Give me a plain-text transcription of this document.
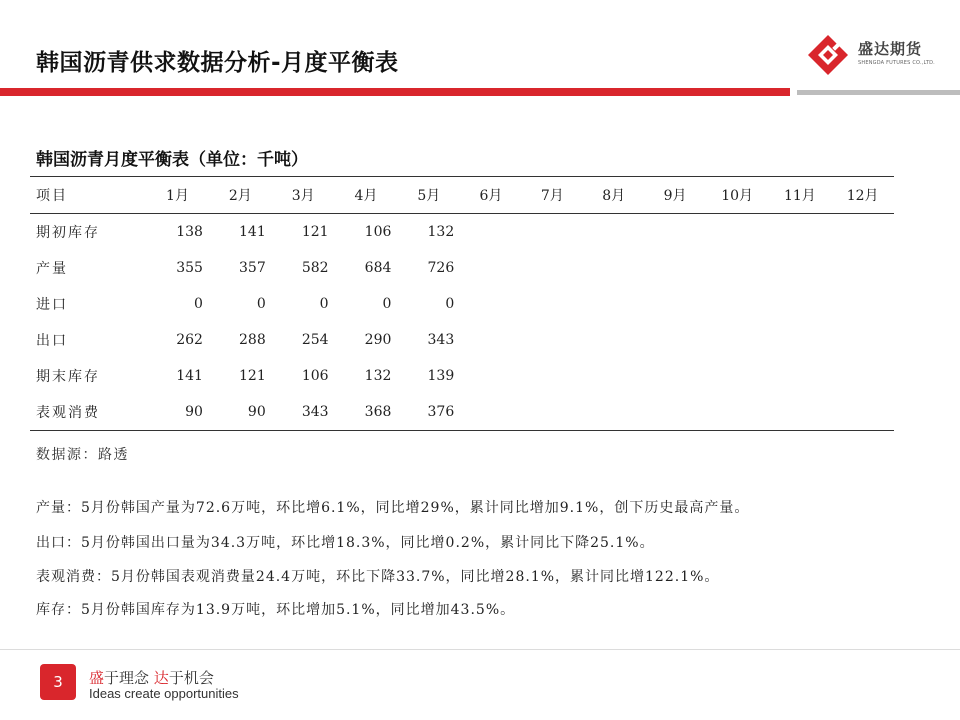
韩国沥青供求数据分析-月度平衡表
盛达期货
SHENGDA FUTURES CO.,LTD.
韩国沥青月度平衡表（单位：千吨）
项目	1月	2月	3月	4月	5月	6月	7月	8月	9月	10月	11月	12月
期初库存	138	141	121	106	132							
产量	355	357	582	684	726							
进口	0	0	0	0	0							
出口	262	288	254	290	343							
期末库存	141	121	106	132	139							
表观消费	90	90	343	368	376							
数据源：路透
产量：5月份韩国产量为72.6万吨，环比增6.1%，同比增29%，累计同比增加9.1%，创下历史最高产量。
出口：5月份韩国出口量为34.3万吨，环比增18.3%，同比增0.2%，累计同比下降25.1%。
表观消费：5月份韩国表观消费量24.4万吨，环比下降33.7%，同比增28.1%，累计同比增122.1%。
库存：5月份韩国库存为13.9万吨，环比增加5.1%，同比增加43.5%。
3	盛于理念 达于机会
Ideas create opportunities
